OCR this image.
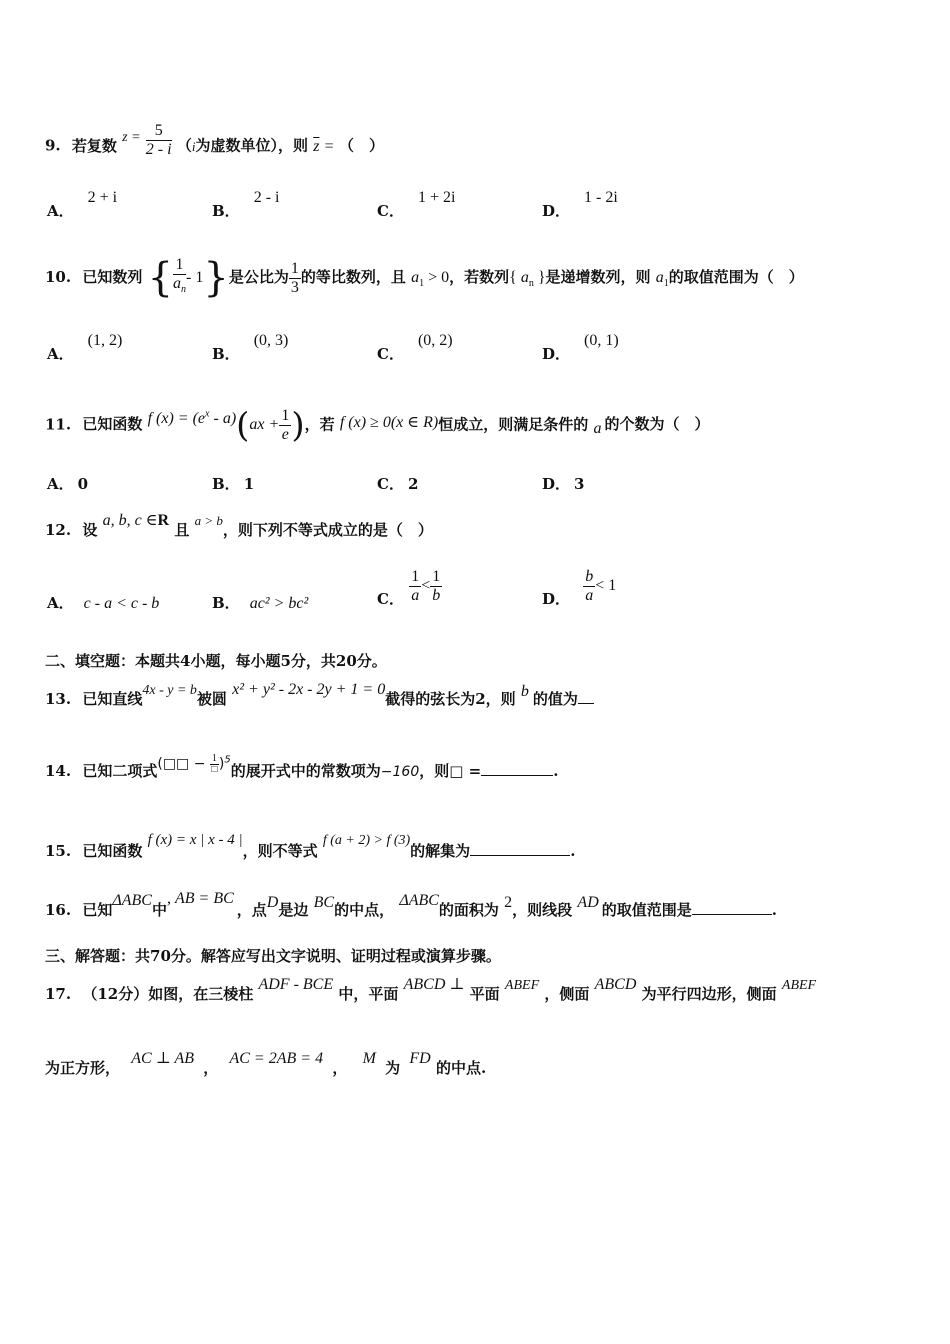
9. 若复数 $z = \frac{5}{2 - i} (i$为虚数单位），则 $\overline{z}$ = （　）
A．2 + i
B．2 - i
C．1 + 2i
D．1 - 2i
10. 已知数列 { $\frac{1}{a_n} - 1$}是公比为 $\frac{1}{3}$ 的等比数列，且 $a_1 > 0$，若数列{ $a_n$ }是递增数列，则 $a_1$的取值范围为（　）
A．(1, 2)
B．(0, 3)
C．(0, 2)
D．(0, 1)
11. 已知函数 f $(x) = (e^x - a)(ax + \frac{1}{e}$ )，若 f (x) ≥ 0(x ∈ R)恒成立，则满足条件的 a 的个数为（　）
A． 0	B． 1	C． 2	D． 3
12. 设 a, b, c ∈R 且 a > b，则下列不等式成立的是（　）
A． c - a < c - b	B． ac² > bc²	C． $\frac{1}{a} < \frac{1}{b}$	D． $\frac{b}{a} < 1$
二、填空题：本题共4小题，每小题5分，共20分。
13. 已知直线4x - y = b被圆 x² + y² - 2x - 2y + 1 = 0截得的弦长为2，则 b 的值为
14. 已知二项式(□□ − $\frac{1}{□} )^5$的展开式中的常数项为−160，则□ =	.
15. 已知函数 f (x) = x | x - 4 |，则不等式 f (a + 2) > f (3)的解集为	.
16. 已知ΔABC中, AB = BC，点D是边 BC的中点， ΔABC的面积为 2，则线段 AD 的取值范围是	.
三、解答题：共70分。解答应写出文字说明、证明过程或演算步骤。
17. （12分）如图，在三棱柱 ADF - BCE 中，平面 ABCD ⊥ 平面 ABEF ，侧面 ABCD 为平行四边形，侧面 ABEF
为正方形， AC ⊥ AB ， AC = 2AB = 4 ， M 为 FD 的中点.
